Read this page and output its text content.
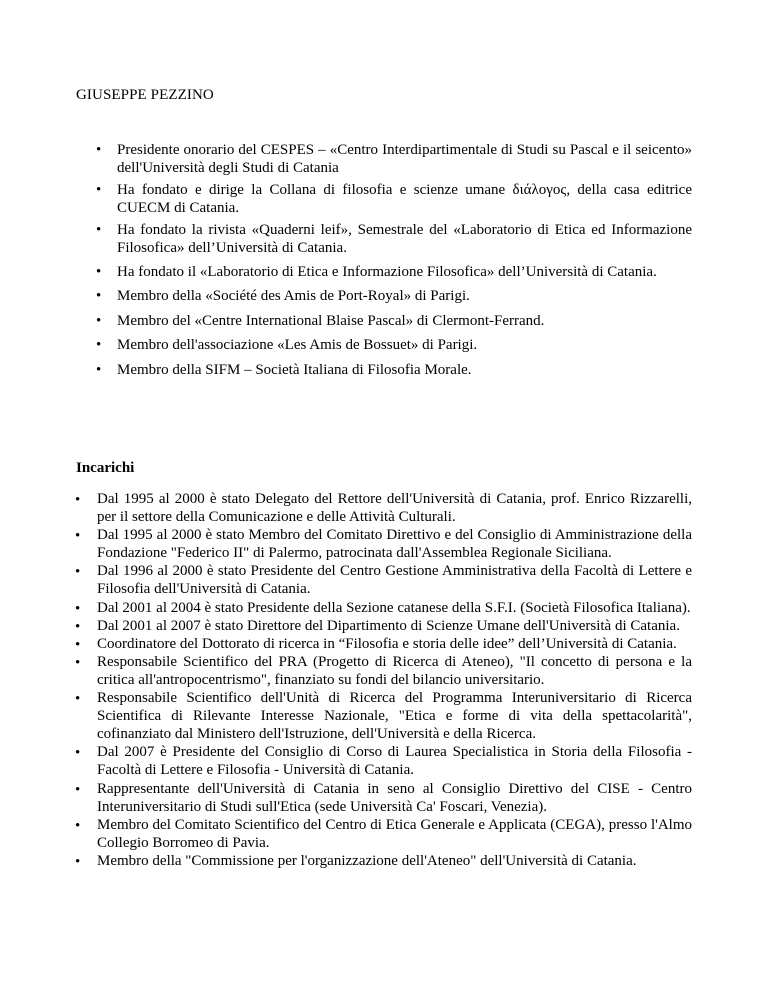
GIUSEPPE PEZZINO
• Presidente onorario del CESPES – «Centro Interdipartimentale di Studi su Pascal e il seicento» dell'Università degli Studi di Catania
• Ha fondato e dirige la Collana di filosofia e scienze umane διάλογος, della casa editrice CUECM di Catania.
• Ha fondato la rivista «Quaderni leif», Semestrale del «Laboratorio di Etica ed Informazione Filosofica» dell’Università di Catania.
• Ha fondato il «Laboratorio di Etica e Informazione Filosofica» dell’Università di Catania.
• Membro della «Société des Amis de Port-Royal» di Parigi.
• Membro del «Centre International Blaise Pascal» di Clermont-Ferrand.
• Membro dell'associazione «Les Amis de Bossuet» di Parigi.
• Membro della SIFM – Società Italiana di Filosofia Morale.
Incarichi
• Dal 1995 al 2000 è stato Delegato del Rettore dell'Università di Catania, prof. Enrico Rizzarelli, per il settore della Comunicazione e delle Attività Culturali.
• Dal 1995 al 2000 è stato Membro del Comitato Direttivo e del Consiglio di Amministrazione della Fondazione "Federico II" di Palermo, patrocinata dall'Assemblea Regionale Siciliana.
• Dal 1996 al 2000 è stato Presidente del Centro Gestione Amministrativa della Facoltà di Lettere e Filosofia dell'Università di Catania.
• Dal 2001 al 2004 è stato Presidente della Sezione catanese della S.F.I. (Società Filosofica Italiana).
• Dal 2001 al 2007 è stato Direttore del Dipartimento di Scienze Umane dell'Università di Catania.
• Coordinatore del Dottorato di ricerca in “Filosofia e storia delle idee” dell’Università di Catania.
• Responsabile Scientifico del PRA (Progetto di Ricerca di Ateneo), "Il concetto di persona e la critica all'antropocentrismo", finanziato su fondi del bilancio universitario.
• Responsabile Scientifico dell'Unità di Ricerca del Programma Interuniversitario di Ricerca Scientifica di Rilevante Interesse Nazionale, "Etica e forme di vita della spettacolarità", cofinanziato dal Ministero dell'Istruzione, dell'Università e della Ricerca.
• Dal 2007 è Presidente del Consiglio di Corso di Laurea Specialistica in Storia della Filosofia - Facoltà di Lettere e Filosofia - Università di Catania.
• Rappresentante dell'Università di Catania in seno al Consiglio Direttivo del CISE - Centro Interuniversitario di Studi sull'Etica (sede Università Ca' Foscari, Venezia).
• Membro del Comitato Scientifico del Centro di Etica Generale e Applicata (CEGA), presso l'Almo Collegio Borromeo di Pavia.
• Membro della "Commissione per l'organizzazione dell'Ateneo" dell'Università di Catania.
